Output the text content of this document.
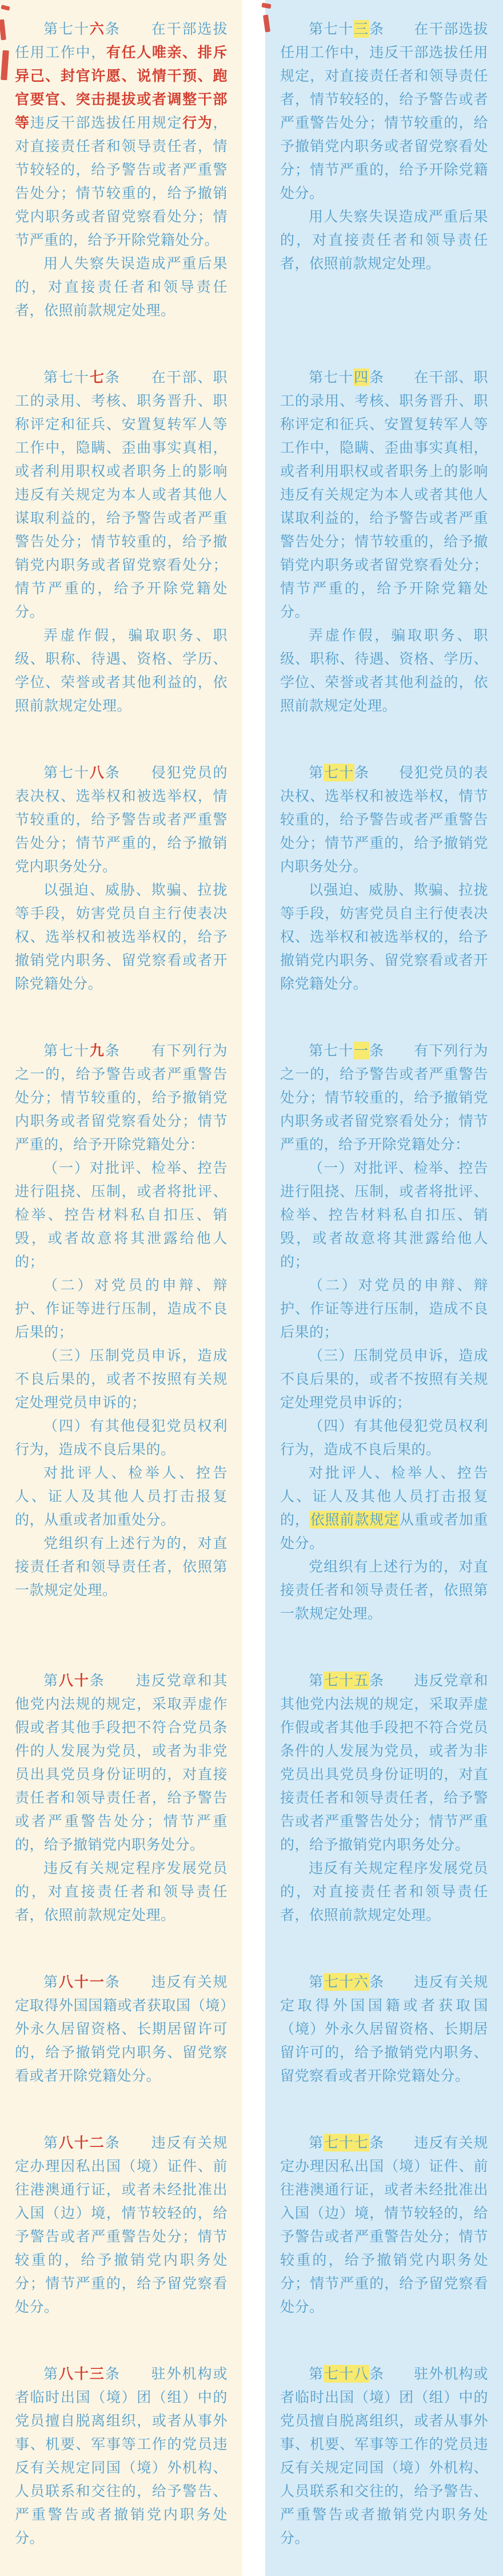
第七十六条　　在干部选拔任用工作中，有任人唯亲、排斥异己、封官许愿、说情干预、跑官要官、突击提拔或者调整干部等违反干部选拔任用规定行为，对直接责任者和领导责任者，情节较轻的，给予警告或者严重警告处分；情节较重的，给予撤销党内职务或者留党察看处分；情节严重的，给予开除党籍处分。

用人失察失误造成严重后果的，对直接责任者和领导责任者，依照前款规定处理。

第七十三条　　在干部选拔任用工作中，违反干部选拔任用规定，对直接责任者和领导责任者，情节较轻的，给予警告或者严重警告处分；情节较重的，给予撤销党内职务或者留党察看处分；情节严重的，给予开除党籍处分。

用人失察失误造成严重后果的，对直接责任者和领导责任者，依照前款规定处理。

第七十七条　　在干部、职工的录用、考核、职务晋升、职称评定和征兵、安置复转军人等工作中，隐瞒、歪曲事实真相，或者利用职权或者职务上的影响违反有关规定为本人或者其他人谋取利益的，给予警告或者严重警告处分；情节较重的，给予撤销党内职务或者留党察看处分；情节严重的，给予开除党籍处分。

弄虚作假，骗取职务、职级、职称、待遇、资格、学历、学位、荣誉或者其他利益的，依照前款规定处理。

第七十四条　　在干部、职工的录用、考核、职务晋升、职称评定和征兵、安置复转军人等工作中，隐瞒、歪曲事实真相，或者利用职权或者职务上的影响违反有关规定为本人或者其他人谋取利益的，给予警告或者严重警告处分；情节较重的，给予撤销党内职务或者留党察看处分；情节严重的，给予开除党籍处分。

弄虚作假，骗取职务、职级、职称、待遇、资格、学历、学位、荣誉或者其他利益的，依照前款规定处理。

第七十八条　　侵犯党员的表决权、选举权和被选举权，情节较重的，给予警告或者严重警告处分；情节严重的，给予撤销党内职务处分。

以强迫、威胁、欺骗、拉拢等手段，妨害党员自主行使表决权、选举权和被选举权的，给予撤销党内职务、留党察看或者开除党籍处分。

第七十条　　侵犯党员的表决权、选举权和被选举权，情节较重的，给予警告或者严重警告处分；情节严重的，给予撤销党内职务处分。

以强迫、威胁、欺骗、拉拢等手段，妨害党员自主行使表决权、选举权和被选举权的，给予撤销党内职务、留党察看或者开除党籍处分。

第七十九条　　有下列行为之一的，给予警告或者严重警告处分；情节较重的，给予撤销党内职务或者留党察看处分；情节严重的，给予开除党籍处分：

（一）对批评、检举、控告进行阻挠、压制，或者将批评、检举、控告材料私自扣压、销毁，或者故意将其泄露给他人的；

（二）对党员的申辩、辩护、作证等进行压制，造成不良后果的；

（三）压制党员申诉，造成不良后果的，或者不按照有关规定处理党员申诉的；

（四）有其他侵犯党员权利行为，造成不良后果的。

对批评人、检举人、控告人、证人及其他人员打击报复的，从重或者加重处分。

党组织有上述行为的，对直接责任者和领导责任者，依照第一款规定处理。

第七十一条　　有下列行为之一的，给予警告或者严重警告处分；情节较重的，给予撤销党内职务或者留党察看处分；情节严重的，给予开除党籍处分：

（一）对批评、检举、控告进行阻挠、压制，或者将批评、检举、控告材料私自扣压、销毁，或者故意将其泄露给他人的；

（二）对党员的申辩、辩护、作证等进行压制，造成不良后果的；

（三）压制党员申诉，造成不良后果的，或者不按照有关规定处理党员申诉的；

（四）有其他侵犯党员权利行为，造成不良后果的。

对批评人、检举人、控告人、证人及其他人员打击报复的，依照前款规定从重或者加重处分。

党组织有上述行为的，对直接责任者和领导责任者，依照第一款规定处理。

第八十条　　违反党章和其他党内法规的规定，采取弄虚作假或者其他手段把不符合党员条件的人发展为党员，或者为非党员出具党员身份证明的，对直接责任者和领导责任者，给予警告或者严重警告处分；情节严重的，给予撤销党内职务处分。

违反有关规定程序发展党员的，对直接责任者和领导责任者，依照前款规定处理。

第七十五条　　违反党章和其他党内法规的规定，采取弄虚作假或者其他手段把不符合党员条件的人发展为党员，或者为非党员出具党员身份证明的，对直接责任者和领导责任者，给予警告或者严重警告处分；情节严重的，给予撤销党内职务处分。

违反有关规定程序发展党员的，对直接责任者和领导责任者，依照前款规定处理。

第八十一条　　违反有关规定取得外国国籍或者获取国（境）外永久居留资格、长期居留许可的，给予撤销党内职务、留党察看或者开除党籍处分。

第七十六条　　违反有关规定取得外国国籍或者获取国（境）外永久居留资格、长期居留许可的，给予撤销党内职务、留党察看或者开除党籍处分。

第八十二条　　违反有关规定办理因私出国（境）证件、前往港澳通行证，或者未经批准出入国（边）境，情节较轻的，给予警告或者严重警告处分；情节较重的，给予撤销党内职务处分；情节严重的，给予留党察看处分。

第七十七条　　违反有关规定办理因私出国（境）证件、前往港澳通行证，或者未经批准出入国（边）境，情节较轻的，给予警告或者严重警告处分；情节较重的，给予撤销党内职务处分；情节严重的，给予留党察看处分。

第八十三条　　驻外机构或者临时出国（境）团（组）中的党员擅自脱离组织，或者从事外事、机要、军事等工作的党员违反有关规定同国（境）外机构、人员联系和交往的，给予警告、严重警告或者撤销党内职务处分。

第七十八条　　驻外机构或者临时出国（境）团（组）中的党员擅自脱离组织，或者从事外事、机要、军事等工作的党员违反有关规定同国（境）外机构、人员联系和交往的，给予警告、严重警告或者撤销党内职务处分。
